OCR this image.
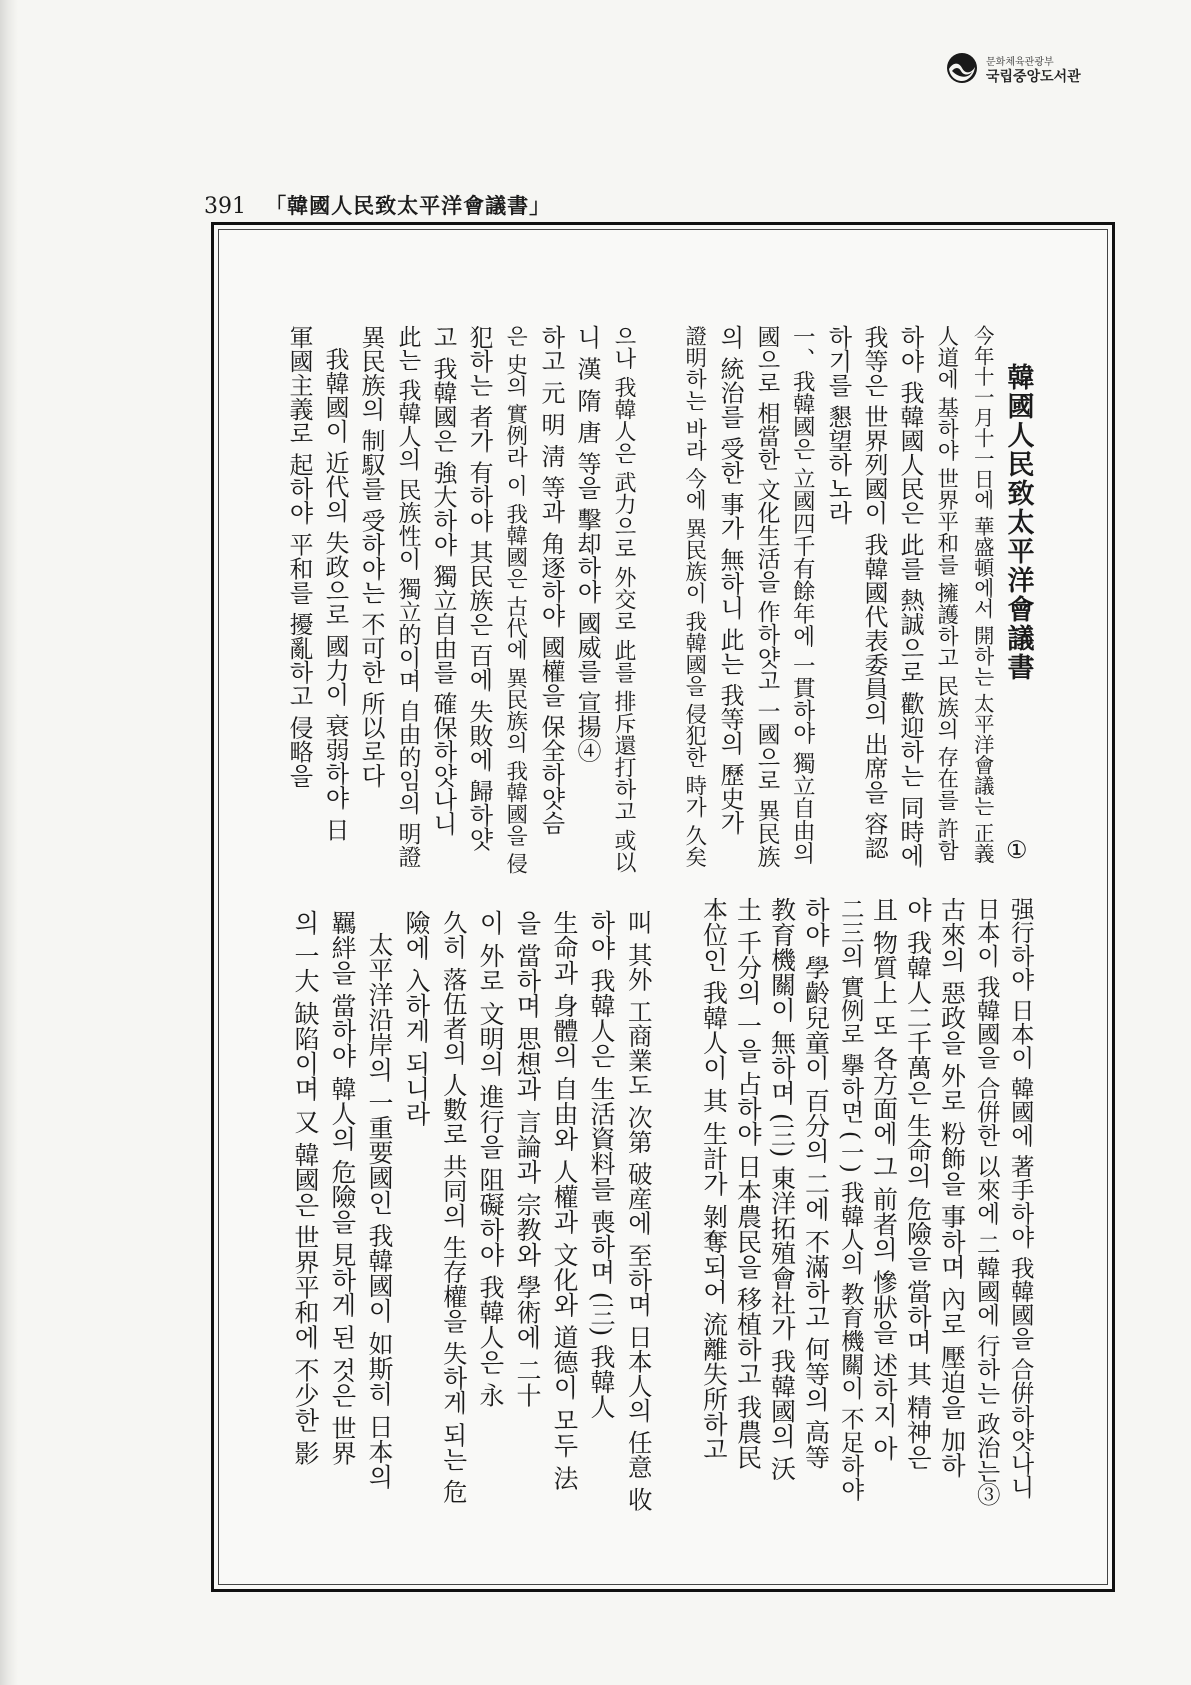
문화체육관광부
국립중앙도서관
391 「韓國人民致太平洋會議書」
韓國人民致太平洋會議書
今年十一月十一日에 華盛頓에서 開하는 太平洋會議는 正義
人道에 基하야 世界平和를 擁護하고 民族의 存在를 許함
하야 我韓國人民은 此를 熱誠으로 歡迎하는 同時에
我等은 世界列國이 我韓國代表委員의 出席을 容認
하기를 懇望하노라
一、我韓國은 立國四千有餘年에 一貫하야 獨立自由의
國으로 相當한 文化生活을 作하얏고 一國으로 異民族
의 統治를 受한 事가 無하니 此는 我等의 歷史가
證明하는 바라 今에 異民族이 我韓國을 侵犯한 時가 久矣	①
으나 我韓人은 武力으로 外交로 此를 排斥還打하고 或以
니 漢 隋 唐 等을 擊却하야 國威를 宣揚④
하고 元 明 淸 等과 角逐하야 國權을 保全하얏슴
은 史의 實例라 이 我韓國은 古代에 異民族의 我韓國을 侵
犯하는 者가 有하야 其民族은 百에 失敗에 歸하얏
고 我韓國은 強大하야 獨立自由를 確保하얏나니
此는 我韓人의 民族性이 獨立的이며 自由的임의 明證
異民族의 制馭를 受하야는 不可한 所以로다
我韓國이 近代의 失政으로 國力이 衰弱하야 日
軍國主義로 起하야 平和를 擾亂하고 侵略을
强行하야 日本이 韓國에 著手하야 我韓國을 合倂하얏나니
日本이 我韓國을 合倂한 以來에 二韓國에 行하는 政治는③
古來의 惡政을 外로 粉飾을 事하며 內로 壓迫을 加하
야 我韓人二千萬은 生命의 危險을 當하며 其 精神은
且 物質上 또 各方面에 그 前者의 慘狀을 述하지 아
二三의 實例로 擧하면 (一) 我韓人의 教育機關이 不足하야
하야 學齡兒童이 百分의 二에 不滿하고 何等의 高等
教育機關이 無하며 (三) 東洋拓殖會社가 我韓國의 沃
土 千分의 一을 占하야 日本農民을 移植하고 我農民
本位인 我韓人이 其 生計가 剝奪되어 流離失所하고
叫 其外 工商業도 次第 破産에 至하며 日本人의 任意 收
하야 我韓人은 生活資料를 喪하며 (三) 我韓人
生命과 身體의 自由와 人權과 文化와 道德이 모두 法
을 當하며 思想과 言論과 宗教와 學術에 二十
이 外로 文明의 進行을 阻礙하야 我韓人은 永
久히 落伍者의 人數로 共同의 生存權을 失하게 되는 危
險에 入하게 되니라
太平洋沿岸의 一重要國인 我韓國이 如斯히 日本의
羈絆을 當하야 韓人의 危險을 見하게 된 것은 世界
의 一大 缺陷이며 又 韓國은 世界平和에 不少한 影
